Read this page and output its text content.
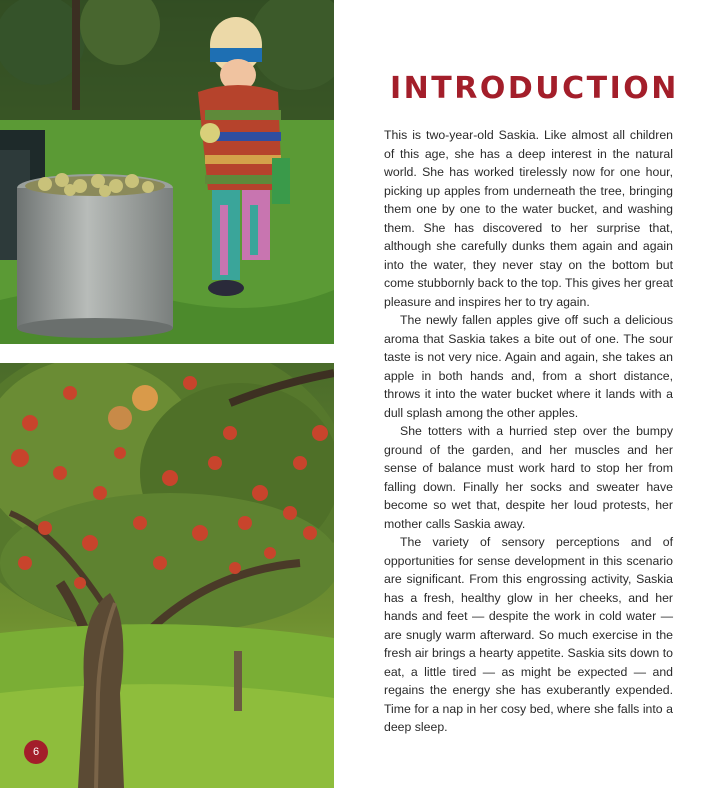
INTRODUCTION

This is two-year-old Saskia. Like almost all children of this age, she has a deep interest in the natural world. She has worked tirelessly now for one hour, picking up apples from underneath the tree, bringing them one by one to the water bucket, and washing them. She has discovered to her surprise that, although she carefully dunks them again and again into the water, they never stay on the bottom but come stubbornly back to the top. This gives her great pleasure and inspires her to try again.

The newly fallen apples give off such a delicious aroma that Saskia takes a bite out of one. The sour taste is not very nice. Again and again, she takes an apple in both hands and, from a short distance, throws it into the water bucket where it lands with a dull splash among the other apples.

She totters with a hurried step over the bumpy ground of the garden, and her muscles and her sense of balance must work hard to stop her from falling down. Finally her socks and sweater have become so wet that, despite her loud protests, her mother calls Saskia away.

The variety of sensory perceptions and of opportunities for sense development in this scenario are significant. From this engrossing activity, Saskia has a fresh, healthy glow in her cheeks, and her hands and feet — despite the work in cold water — are snugly warm afterward. So much exercise in the fresh air brings a hearty appetite. Saskia sits down to eat, a little tired — as might be expected — and regains the energy she has exuberantly expended. Time for a nap in her cosy bed, where she falls into a deep sleep.

6
